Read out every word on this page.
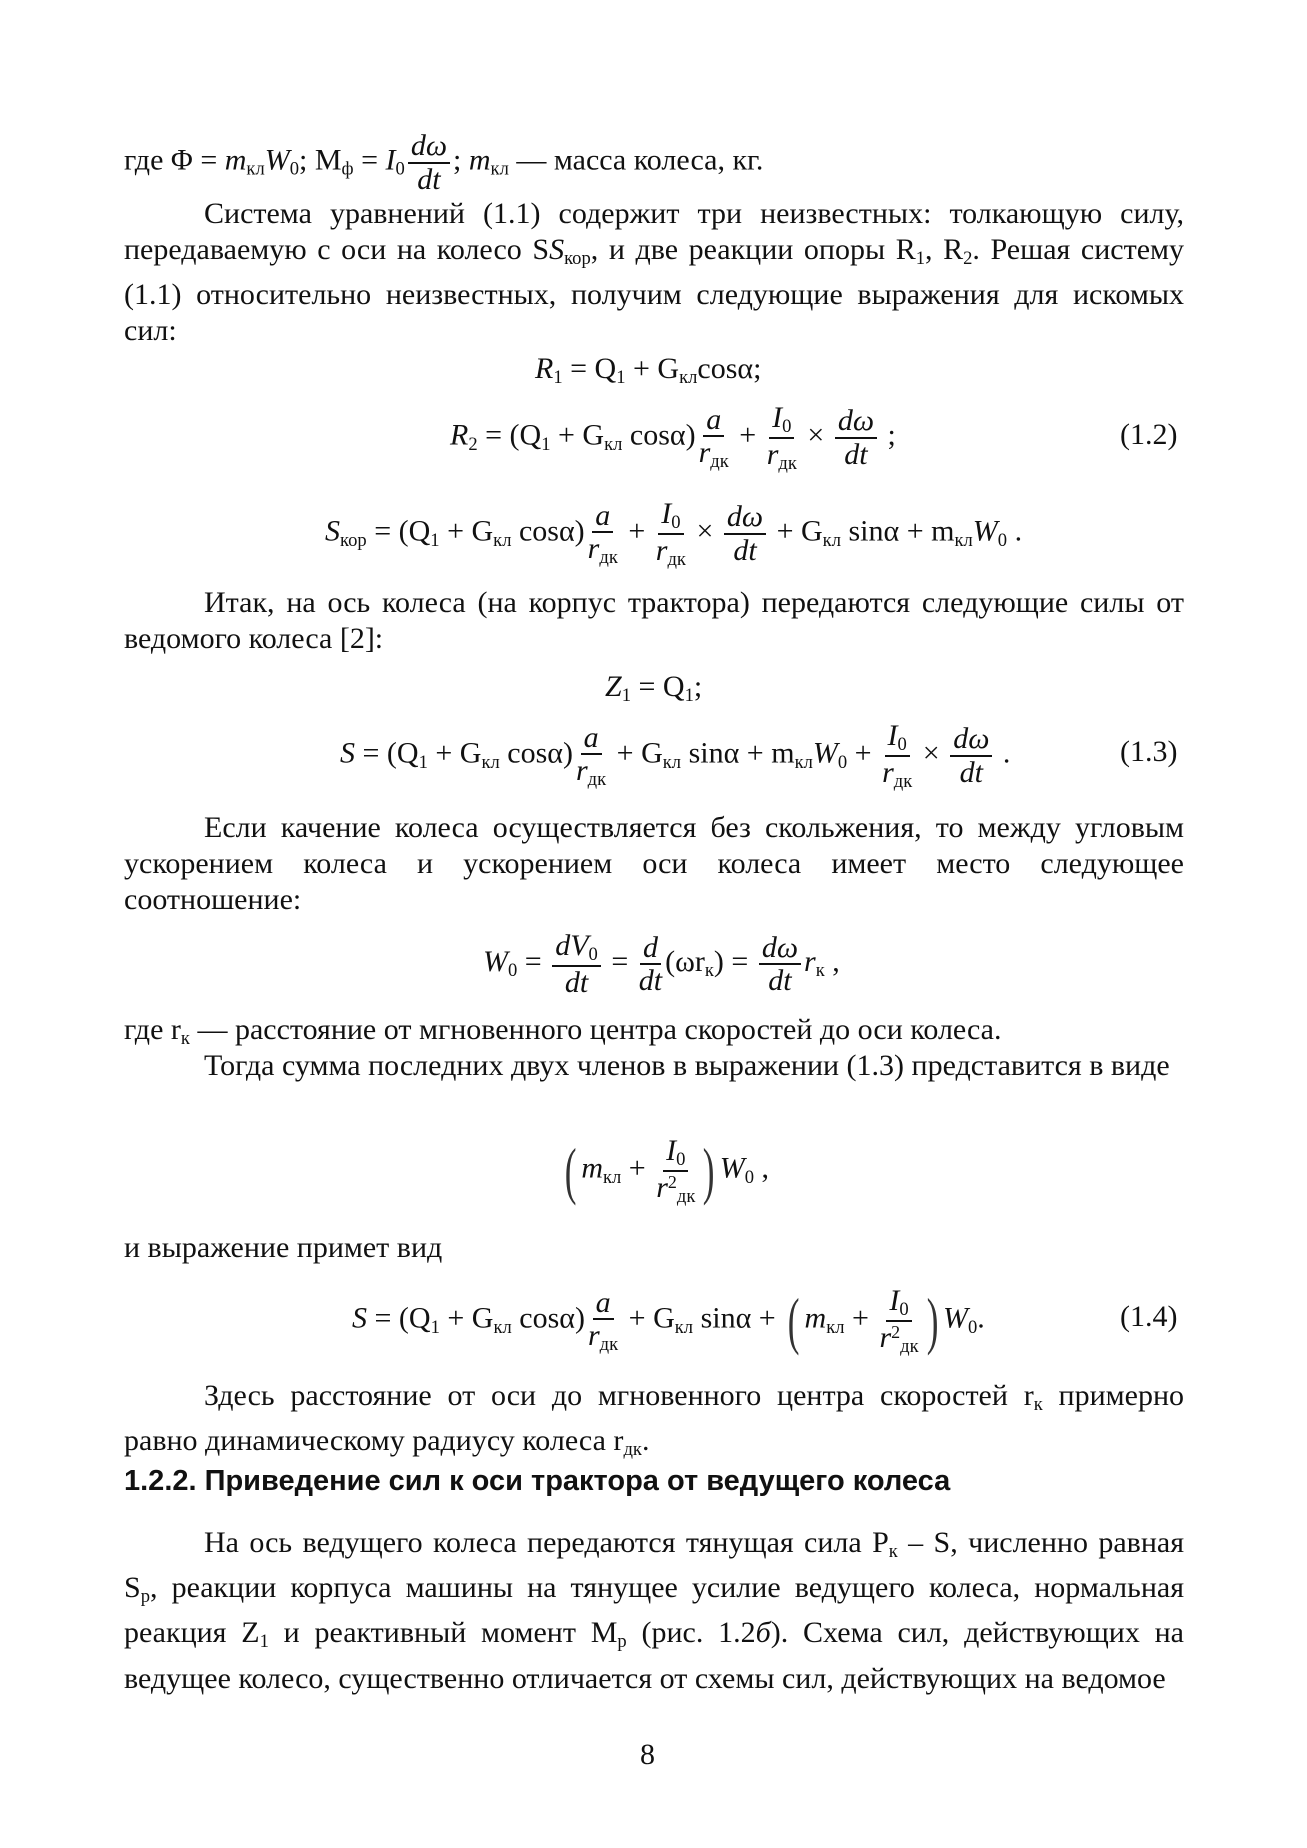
где $\Phi = m_{кл}W_0$; $М_ф = I_0 \frac{d\omega}{dt}$ ; $m_{кл}$ — масса колеса, кг.

Система уравнений (1.1) содержит три неизвестных: толкающую силу, передаваемую с оси на колесо $SS_{кор}$, и две реакции опоры $R_1$, $R_2$. Решая систему (1.1) относительно неизвестных, получим следующие выражения для искомых сил:

$R_1 = Q_1 + G_{кл}\cos\alpha$;
$R_2 = (Q_1 + G_{кл}$ $\cos\alpha) \frac{a}{r_{дк}} + \frac{I_0}{r_{дк}} \times \frac{d\omega}{dt}$ ;	(1.2)
$S_{кор} = (Q_1 + G_{кл}$ $\cos\alpha) \frac{a}{r_{дк}} + \frac{I_0}{r_{дк}} \times \frac{d\omega}{dt} + G_{кл}$ $\sin\alpha + m_{кл}W_0$ .

Итак, на ось колеса (на корпус трактора) передаются следующие силы от ведомого колеса [2]:

$Z_1 = Q_1$;
$S = (Q_1 + G_{кл}$ $\cos\alpha) \frac{a}{r_{дк}} + G_{кл}$ $\sin\alpha + m_{кл}W_0 + \frac{I_0}{r_{дк}} \times \frac{d\omega}{dt}$ .	(1.3)

Если качение колеса осуществляется без скольжения, то между угловым ускорением колеса и ускорением оси колеса имеет место следующее соотношение:

$W_0 = \frac{dV_0}{dt} = \frac{d}{dt} (\omega r_к) = \frac{d\omega}{dt} r_к$ ,

где $r_к$ — расстояние от мгновенного центра скоростей до оси колеса.

Тогда сумма последних двух членов в выражении (1.3) представится в виде

( $m_{кл} + \frac{I_0}{r^2_{дк}}$ ) $W_0$ ,

и выражение примет вид

$S = (Q_1 + G_{кл}$ $\cos\alpha) \frac{a}{r_{дк}} + G_{кл}$ sinα + ( $m_{кл} + \frac{I_0}{r^2_{дк}}$ ) $W_0$.	(1.4)

Здесь расстояние от оси до мгновенного центра скоростей $r_к$ примерно равно динамическому радиусу колеса $r_{дк}$.

1.2.2. Приведение сил к оси трактора от ведущего колеса

На ось ведущего колеса передаются тянущая сила $P_к$ – S, численно равная $S_р$, реакции корпуса машины на тянущее усилие ведущего колеса, нормальная реакция $Z_1$ и реактивный момент $M_р$ (рис. 1.2б). Схема сил, действующих на ведущее колесо, существенно отличается от схемы сил, действующих на ведомое

8
